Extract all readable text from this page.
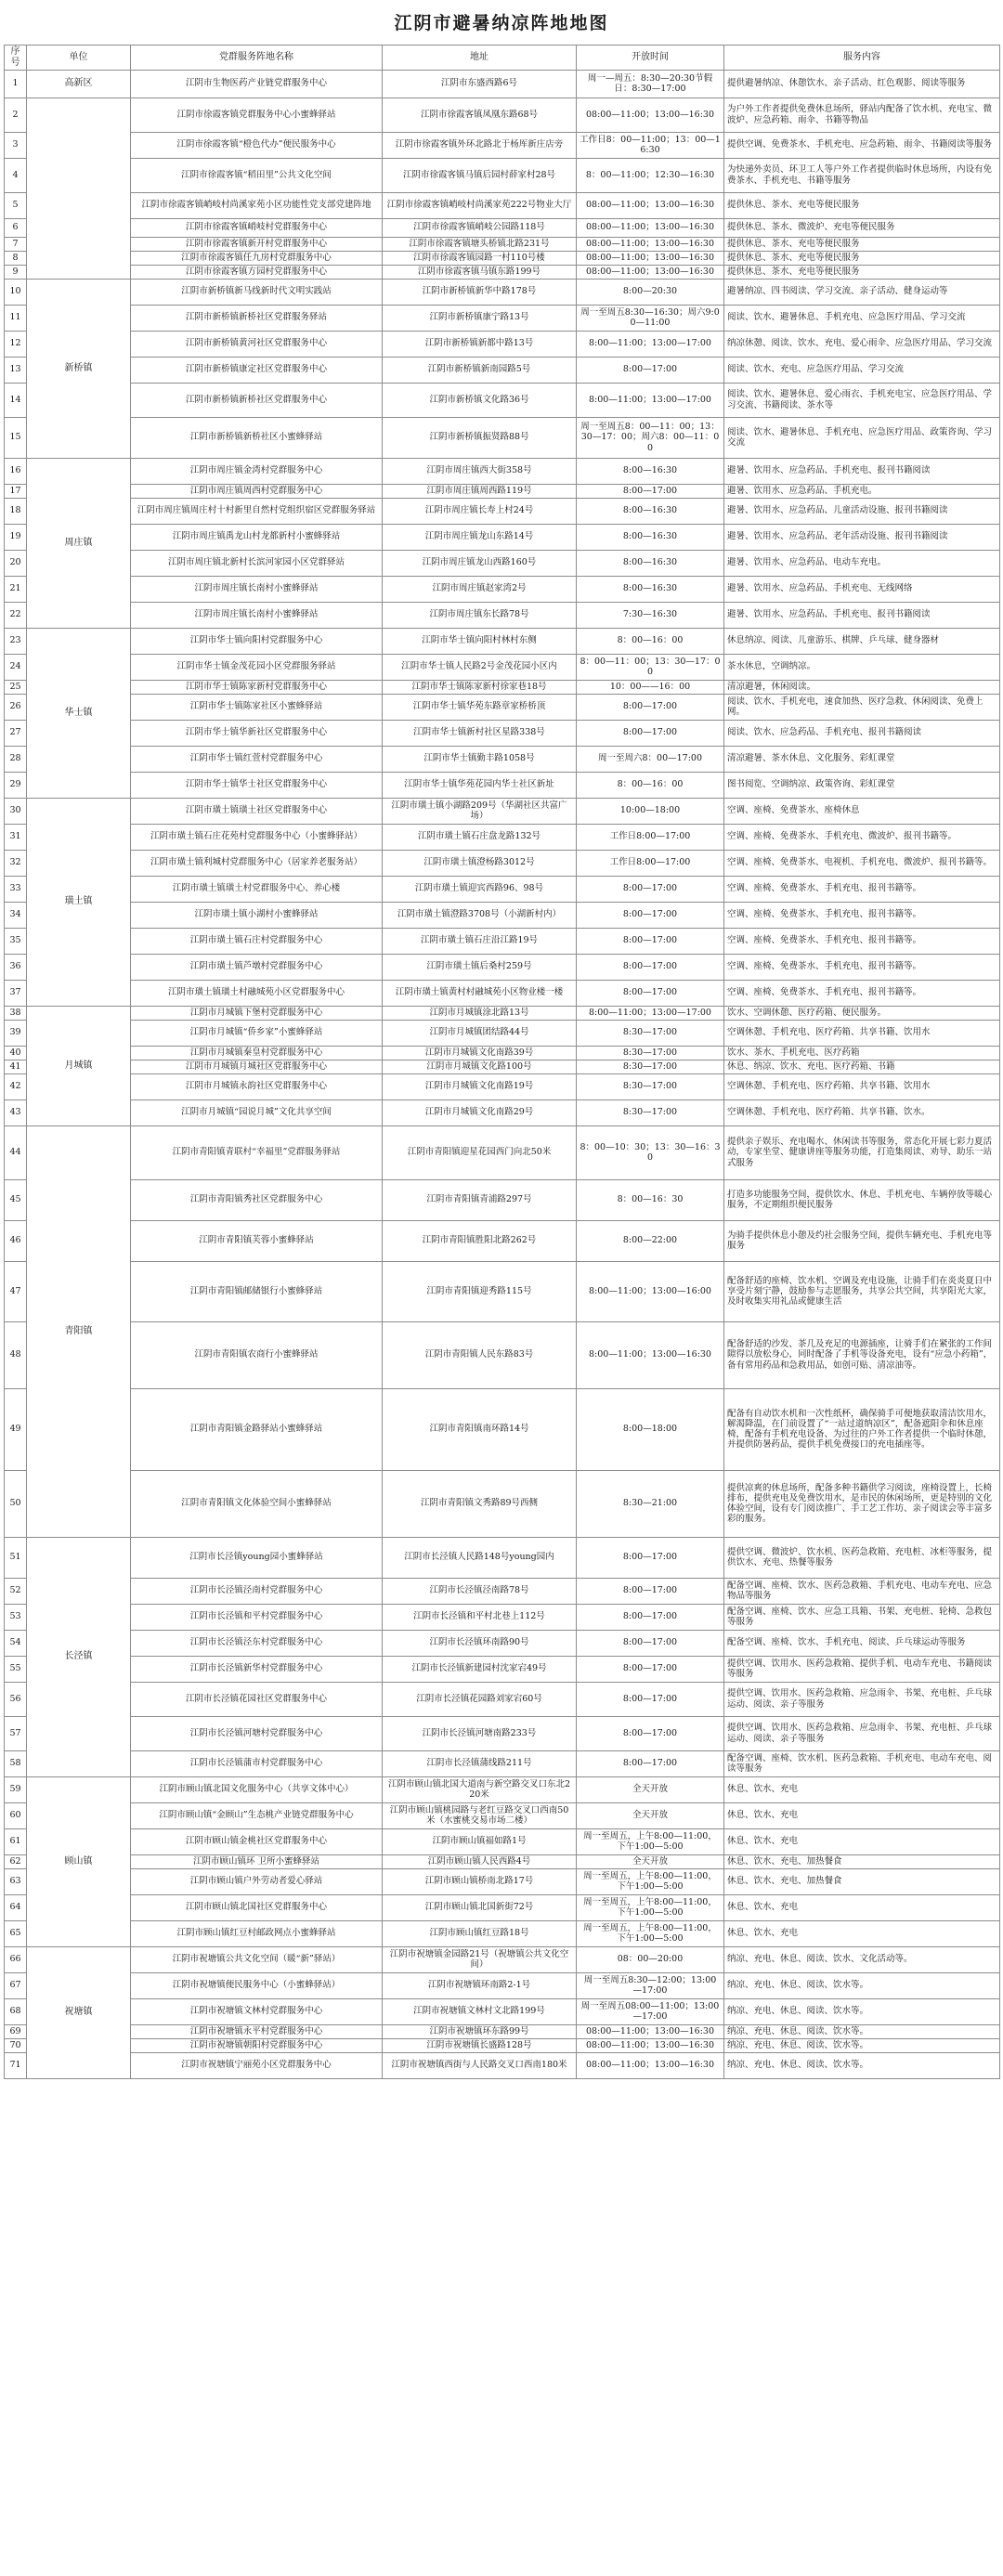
江阴市避暑纳凉阵地地图
序号	单位	党群服务阵地名称	地址	开放时间	服务内容
1	高新区	江阴市生物医药产业链党群服务中心	江阴市东盛西路6号	周一—周五：8:30—20:30节假日：8:30—17:00	提供避暑纳凉、休憩饮水、亲子活动、红色观影、阅读等服务
2		江阴市徐霞客镇党群服务中心小蜜蜂驿站	江阴市徐霞客镇凤凰东路68号	08:00—11:00；13:00—16:30	为户外工作者提供免费休息场所，驿站内配备了饮水机、充电宝、微波炉、应急药箱、雨伞、书籍等物品
3		江阴市徐霞客镇“橙色代办”便民服务中心	江阴市徐霞客镇外环北路北于杨厍新庄店旁	工作日8：00—11:00；13：00—16:30	提供空调、免费茶水、手机充电、应急药箱、雨伞、书籍阅读等服务
4		江阴市徐霞客镇“稻田里”公共文化空间	江阴市徐霞客镇马镇后园村薛家村28号	8：00—11:00；12:30—16:30	为快递外卖员、环卫工人等户外工作者提供临时休息场所，内设有免费茶水、手机充电、书籍等服务
5		江阴市徐霞客镇峭岐村尚溪家苑小区功能性党支部党建阵地	江阴市徐霞客镇峭岐村尚溪家苑222号物业大厅	08:00—11:00；13:00—16:30	提供休息、茶水、充电等便民服务
6		江阴市徐霞客镇峭岐村党群服务中心	江阴市徐霞客镇峭岐公园路118号	08:00—11:00；13:00—16:30	提供休息、茶水、微波炉、充电等便民服务
7		江阴市徐霞客镇新开村党群服务中心	江阴市徐霞客镇塘头桥镇北路231号	08:00—11:00；13:00—16:30	提供休息、茶水、充电等便民服务
8		江阴市徐霞客镇任九房村党群服务中心	江阴市徐霞客镇园路一村110号楼	08:00—11:00；13:00—16:30	提供休息、茶水、充电等便民服务
9		江阴市徐霞客镇方园村党群服务中心	江阴市徐霞客镇马镇东路199号	08:00—11:00；13:00—16:30	提供休息、茶水、充电等便民服务
10	新桥镇	江阴市新桥镇新马线新时代文明实践站	江阴市新桥镇新华中路178号	8:00—20:30	避暑纳凉、四书阅读、学习交流、亲子活动、健身运动等
11		江阴市新桥镇新桥社区党群服务驿站	江阴市新桥镇康宁路13号	周一至周五8:30—16:30；周六9:00—11:00	阅读、饮水、避暑休息、手机充电、应急医疗用品、学习交流
12		江阴市新桥镇黄河社区党群服务中心	江阴市新桥镇新都中路13号	8:00—11:00；13:00—17:00	纳凉休憩、阅读、饮水、充电、爱心雨伞、应急医疗用品、学习交流
13		江阴市新桥镇康定社区党群服务中心	江阴市新桥镇新南园路5号	8:00—17:00	阅读、饮水、充电、应急医疗用品、学习交流
14		江阴市新桥镇新桥社区党群服务中心	江阴市新桥镇文化路36号	8:00—11:00；13:00—17:00	阅读、饮水、避暑休息、爱心雨衣、手机充电宝、应急医疗用品、学习交流、书籍阅读、茶水等
15		江阴市新桥镇新桥社区小蜜蜂驿站	江阴市新桥镇振贤路88号	周一至周五8：00—11：00；13：30—17：00；周六8：00—11：00	阅读、饮水、避暑休息、手机充电、应急医疗用品、政策咨询、学习交流
16	周庄镇	江阴市周庄镇金湾村党群服务中心	江阴市周庄镇西大街358号	8:00—16:30	避暑、饮用水、应急药品、手机充电、报刊书籍阅读
17		江阴市周庄镇周西村党群服务中心	江阴市周庄镇周西路119号	8:00—17:00	避暑、饮用水、应急药品、手机充电。
18		江阴市周庄镇周庄村十村新里自然村党组织宿区党群服务驿站	江阴市周庄镇长寿上村24号	8:00—16:30	避暑、饮用水、应急药品、儿童活动设施、报刊书籍阅读
19		江阴市周庄镇禹龙山村龙都新村小蜜蜂驿站	江阴市周庄镇龙山东路14号	8:00—16:30	避暑、饮用水、应急药品、老年活动设施、报刊书籍阅读
20		江阴市周庄镇北新村长滨河家园小区党群驿站	江阴市周庄镇龙山西路160号	8:00—16:30	避暑、饮用水、应急药品、电动车充电。
21		江阴市周庄镇长南村小蜜蜂驿站	江阴市周庄镇赵家湾2号	8:00—16:30	避暑、饮用水、应急药品、手机充电、无线网络
22		江阴市周庄镇长南村小蜜蜂驿站	江阴市周庄镇东长路78号	7:30—16:30	避暑、饮用水、应急药品、手机充电、报刊书籍阅读
23	华士镇	江阴市华士镇向阳村党群服务中心	江阴市华士镇向阳村林村东侧	8：00—16：00	休息纳凉、阅读、儿童游乐、棋牌、乒乓球、健身器材
24		江阴市华士镇金茂花园小区党群服务驿站	江阴市华士镇人民路2号金茂花园小区内	8：00—11：00；13：30—17：00	茶水休息，空调纳凉。
25		江阴市华士镇陈家新村党群服务中心	江阴市华士镇陈家新村徐家巷18号	10：00——16：00	清凉避暑，休闲阅读。
26		江阴市华士镇陈家社区小蜜蜂驿站	江阴市华士镇华苑东路章家桥桥顶	8:00—17:00	阅读、饮水、手机充电，速食加热、医疗急救、休闲阅读、免费上网。
27		江阴市华士镇华新社区党群服务中心	江阴市华士镇新村社区星路338号	8:00—17:00	阅读、饮水、应急药品、手机充电、报刊书籍阅读
28		江阴市华士镇红萱村党群服务中心	江阴市华士镇勤丰路1058号	周一至周六8：00—17:00	清凉避暑、茶水休息、文化服务、彩虹课堂
29		江阴市华士镇华士社区党群服务中心	江阴市华士镇华苑花园内华士社区新址	8：00—16：00	图书阅览、空调纳凉、政策咨询、彩虹课堂
30	璜土镇	江阴市璜土镇璜土社区党群服务中心	江阴市璜土镇小湖路209号（华湖社区共富广场）	10:00—18:00	空调、座椅、免费茶水、座椅休息
31		江阴市璜土镇石庄花苑村党群服务中心（小蜜蜂驿站）	江阴市璜土镇石庄盘龙路132号	工作日8:00—17:00	空调、座椅、免费茶水、手机充电、微波炉、报刊书籍等。
32		江阴市璜土镇利城村党群服务中心（居家养老服务站）	江阴市璜土镇澄杨路3012号	工作日8:00—17:00	空调、座椅、免费茶水、电视机、手机充电、微波炉、报刊书籍等。
33		江阴市璜土镇璜土村党群服务中心、养心楼	江阴市璜土镇迎宾西路96、98号	8:00—17:00	空调、座椅、免费茶水、手机充电、报刊书籍等。
34		江阴市璜土镇小湖村小蜜蜂驿站	江阴市璜土镇澄路3708号（小湖新村内）	8:00—17:00	空调、座椅、免费茶水、手机充电、报刊书籍等。
35		江阴市璜土镇石庄村党群服务中心	江阴市璜土镇石庄沿江路19号	8:00—17:00	空调、座椅、免费茶水、手机充电、报刊书籍等。
36		江阴市璜土镇芦墩村党群服务中心	江阴市璜土镇后桑村259号	8:00—17:00	空调、座椅、免费茶水、手机充电、报刊书籍等。
37		江阴市璜土镇璜土村融城苑小区党群服务中心	江阴市璜土镇黄村村融城苑小区物业楼一楼	8:00—17:00	空调、座椅、免费茶水、手机充电、报刊书籍等。
38	月城镇	江阴市月城镇下堡村党群服务中心	江阴市月城镇涂北路13号	8:00—11:00；13:00—17:00	饮水、空调休憩、医疗药箱、便民服务。
39		江阴市月城镇“侨乡家”小蜜蜂驿站	江阴市月城镇团结路44号	8:30—17:00	空调休憩、手机充电、医疗药箱、共享书籍、饮用水
40		江阴市月城镇秦皇村党群服务中心	江阴市月城镇文化南路39号	8:30—17:00	饮水、茶水、手机充电、医疗药箱
41		江阴市月城镇月城社区党群服务中心	江阴市月城镇文化路100号	8:30—17:00	休息、纳凉、饮水、充电、医疗药箱、书籍
42		江阴市月城镇永韵社区党群服务中心	江阴市月城镇文化南路19号	8:30—17:00	空调休憩、手机充电、医疗药箱、共享书籍、饮用水
43		江阴市月城镇“园说月城”文化共享空间	江阴市月城镇文化南路29号	8:30—17:00	空调休憩、手机充电、医疗药箱、共享书籍、饮水。
44	青阳镇	江阴市青阳镇青联村“幸福里”党群服务驿站	江阴市青阳镇迎星花园西门向北50米	8：00—10：30；13：30—16：30	提供亲子娱乐、充电喝水、休闲读书等服务，常态化开展七彩力夏活动，专家坐堂、健康讲座等服务功能，打造集阅读、劝导、助乐一站式服务
45		江阴市青阳镇秀社区党群服务中心	江阴市青阳镇青浦路297号	8：00—16：30	打造多功能服务空间，提供饮水、休息、手机充电、车辆停放等暖心服务，不定期组织便民服务
46		江阴市青阳镇芙蓉小蜜蜂驿站	江阴市青阳镇胜阳北路262号	8:00—22:00	为骑手提供休息小憩及约社会服务空间，提供车辆充电、手机充电等服务
47		江阴市青阳镇邮储银行小蜜蜂驿站	江阴市青阳镇迎秀路115号	8:00—11:00；13:00—16:00	配备舒适的座椅、饮水机、空调及充电设施，让骑手们在炎炎夏日中享受片刻宁静，鼓励参与志愿服务，共享公共空间，共享阳光大家，及时收集实用礼品或健康生活
48		江阴市青阳镇农商行小蜜蜂驿站	江阴市青阳镇人民东路83号	8:00—11:00；13:00—16:30	配备舒适的沙发、茶几及充足的电源插座，让骑手们在紧张的工作间隙得以放松身心，同时配备了手机等设备充电，设有“应急小药箱”，备有常用药品和急救用品，如创可贴、清凉油等。
49		江阴市青阳镇金路驿站小蜜蜂驿站	江阴市青阳镇南环路14号	8:00—18:00	配备有自动饮水机和一次性纸杯，确保骑手可便地获取清洁饮用水，解渴降温，在门前设置了“一站过道纳凉区”，配备遮阳伞和休息座椅，配备有手机充电设备、为过往的户外工作者提供一个临时休憩，并提供防暑药品，提供手机免费接口的充电插座等。
50		江阴市青阳镇文化体验空间小蜜蜂驿站	江阴市青阳镇文秀路89号西侧	8:30—21:00	提供凉爽的休息场所，配备多种书籍供学习阅读，座椅设置上，长椅排布，提供充电及免费饮用水，是市民的休闲场所，更是特别的文化体验空间，设有专门阅读推广、手工艺工作坊、亲子阅读会等丰富多彩的服务。
51	长泾镇	江阴市长泾镇young园小蜜蜂驿站	江阴市长泾镇人民路148号young园内	8:00—17:00	提供空调、微波炉、饮水机、医药急救箱、充电桩、冰柜等服务，提供饮水、充电、热餐等服务
52		江阴市长泾镇泾南村党群服务中心	江阴市长泾镇泾南路78号	8:00—17:00	配备空调、座椅、饮水、医药急救箱、手机充电、电动车充电、应急物品等服务
53		江阴市长泾镇和平村党群服务中心	江阴市长泾镇和平村北巷上112号	8:00—17:00	配备空调、座椅、饮水、应急工具箱、书架、充电桩、轮椅、急救包等服务
54		江阴市长泾镇泾东村党群服务中心	江阴市长泾镇环南路90号	8:00—17:00	配备空调、座椅、饮水、手机充电、阅读、乒乓球运动等服务
55		江阴市长泾镇新华村党群服务中心	江阴市长泾镇新建园村沈家宕49号	8:00—17:00	提供空调、饮用水、医药急救箱、提供手机、电动车充电、书籍阅读等服务
56		江阴市长泾镇花园社区党群服务中心	江阴市长泾镇花园路刘家宕60号	8:00—17:00	提供空调、饮用水、医药急救箱、应急雨伞、书架、充电桩、乒乓球运动、阅读、亲子等服务
57		江阴市长泾镇河塘村党群服务中心	江阴市长泾镇河塘南路233号	8:00—17:00	提供空调、饮用水、医药急救箱、应急雨伞、书架、充电桩、乒乓球运动、阅读、亲子等服务
58		江阴市长泾镇蒲市村党群服务中心	江阴市长泾镇蒲线路211号	8:00—17:00	配备空调、座椅、饮水机、医药急救箱、手机充电、电动车充电、阅读等服务
59	顾山镇	江阴市顾山镇北国文化服务中心（共享文体中心）	江阴市顾山镇北国大道南与新空路交叉口东北220米	全天开放	休息、饮水、充电
60		江阴市顾山镇“金顾山”生态桃产业链党群服务中心	江阴市顾山镇桃园路与老红豆路交叉口西南50米（水蜜桃交易市场二楼）	全天开放	休息、饮水、充电
61		江阴市顾山镇金桃社区党群服务中心	江阴市顾山镇福如路1号	周一至周五，上午8:00—11:00，下午1:00—5:00	休息、饮水、充电
62		江阴市顾山镇环 卫所小蜜蜂驿站	江阴市顾山镇人民西路4号	全天开放	休息、饮水、充电、加热餐食
63		江阴市顾山镇户外劳动者爱心驿站	江阴市顾山镇桥南北路17号	周一至周五，上午8:00—11:00，下午1:00—5:00	休息、饮水、充电、加热餐食
64		江阴市顾山镇北国社区党群服务中心	江阴市顾山镇北国新街72号	周一至周五，上午8:00—11:00，下午1:00—5:00	休息、饮水、充电
65		江阴市顾山镇红豆村邮政网点小蜜蜂驿站	江阴市顾山镇红豆路18号	周一至周五，上午8:00—11:00，下午1:00—5:00	休息、饮水、充电
66	祝塘镇	江阴市祝塘镇公共文化空间（暖“新”驿站）	江阴市祝塘镇金园路21号（祝塘镇公共文化空间）	08：00—20:00	纳凉、充电、休息、阅读、饮水、文化活动等。
67		江阴市祝塘镇便民服务中心（小蜜蜂驿站）	江阴市祝塘镇环南路2-1号	周一至周五8:30—12:00；13:00—17:00	纳凉、充电、休息、阅读、饮水等。
68		江阴市祝塘镇文林村党群服务中心	江阴市祝塘镇文林村文北路199号	周一至周五08:00—11:00；13:00—17:00	纳凉、充电、休息、阅读、饮水等。
69		江阴市祝塘镇永平村党群服务中心	江阴市祝塘镇环东路99号	08:00—11:00；13:00—16:30	纳凉、充电、休息、阅读、饮水等。
70		江阴市祝塘镇朝阳村党群服务中心	江阴市祝塘镇长盛路128号	08:00—11:00；13:00—16:30	纳凉、充电、休息、阅读、饮水等。
71		江阴市祝塘镇宁丽苑小区党群服务中心	江阴市祝塘镇西街与人民路交叉口西南180米	08:00—11:00；13:00—16:30	纳凉、充电、休息、阅读、饮水等。
